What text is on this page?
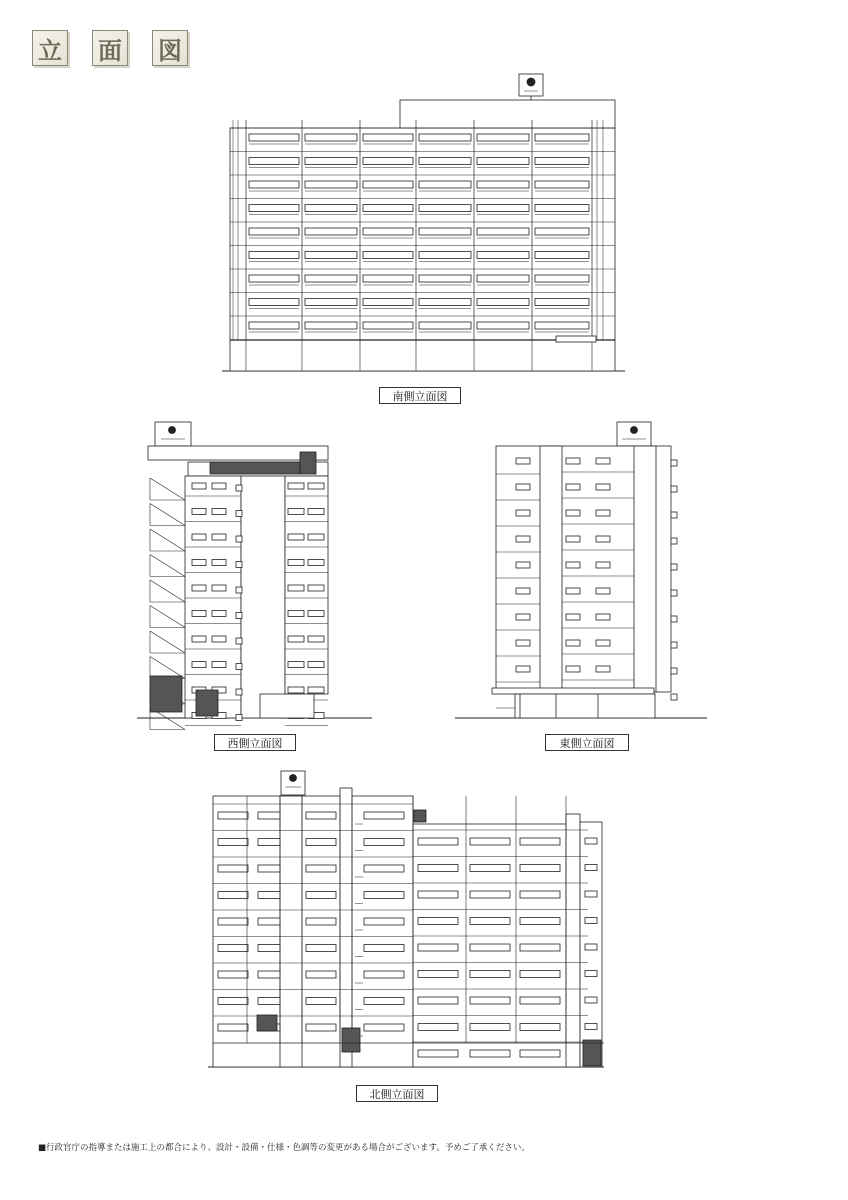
立 面 図
南側立面図
西側立面図	東側立面図
北側立面図
■行政官庁の指導または施工上の都合により、設計・設備・仕様・色調等の変更がある場合がございます。予めご了承ください。
